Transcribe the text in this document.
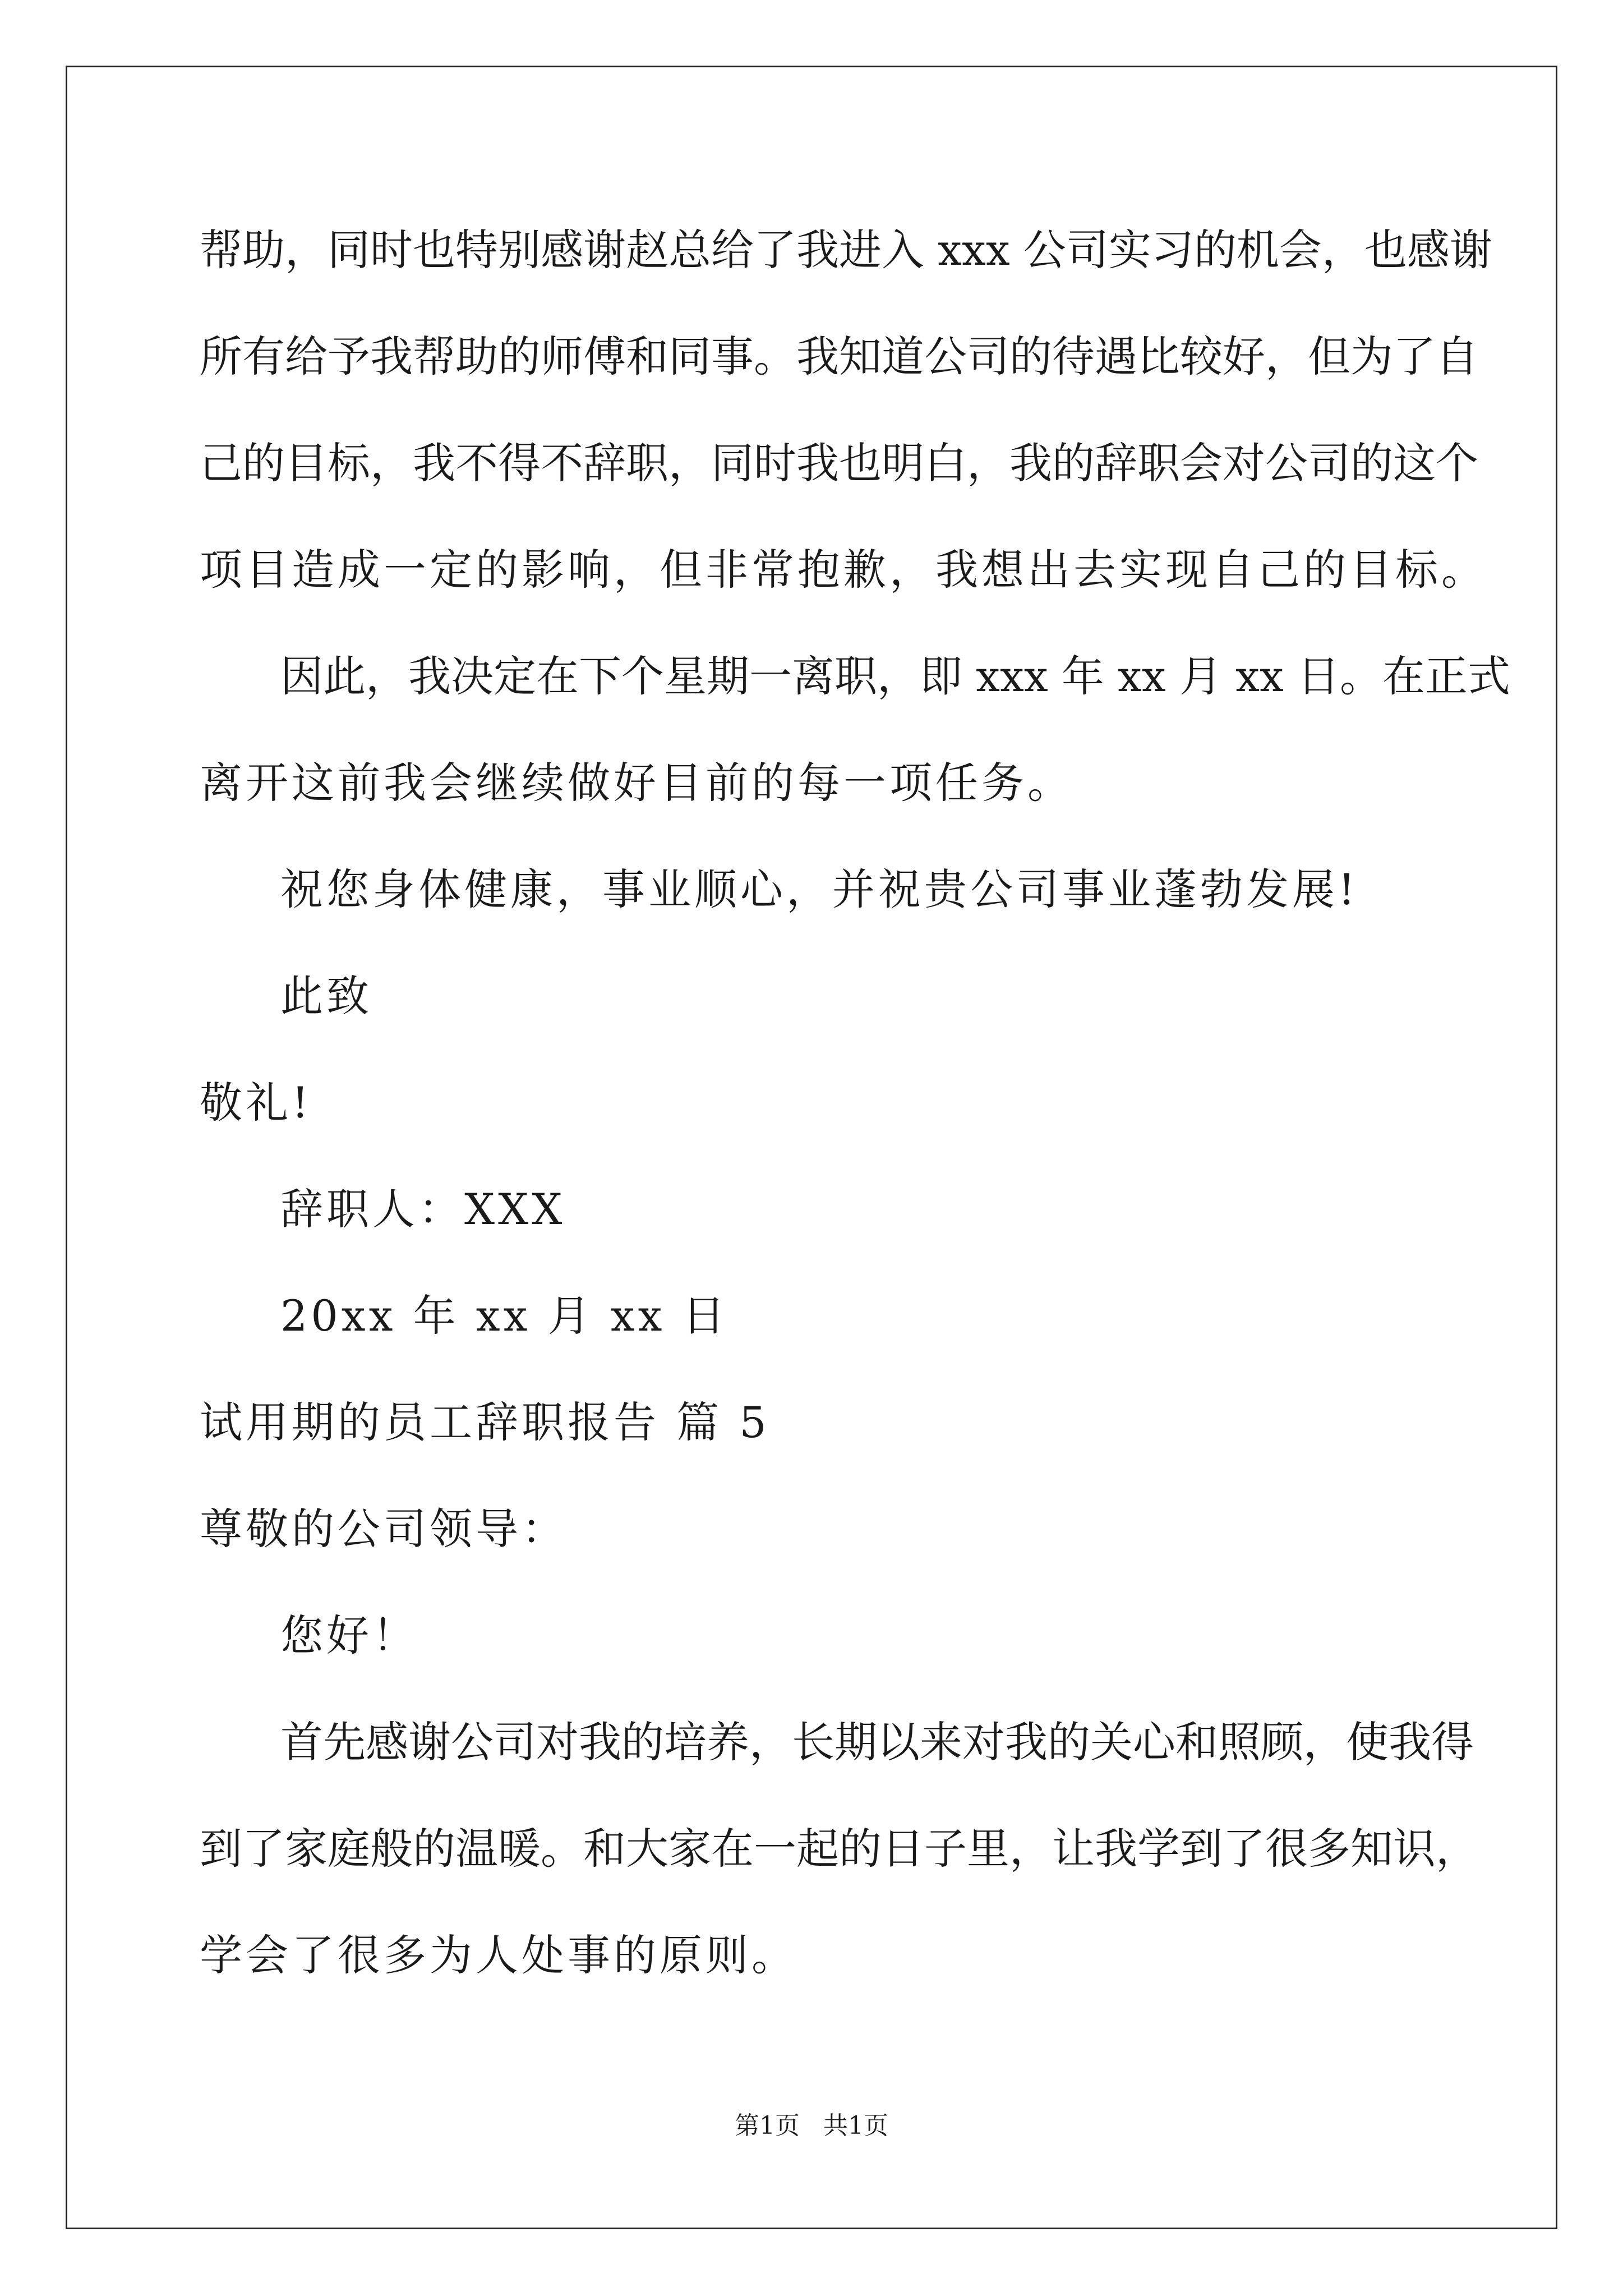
帮助，同时也特别感谢赵总给了我进入 xxx 公司实习的机会，也感谢
所有给予我帮助的师傅和同事。我知道公司的待遇比较好，但为了自
己的目标，我不得不辞职，同时我也明白，我的辞职会对公司的这个
项目造成一定的影响，但非常抱歉，我想出去实现自己的目标。
因此，我决定在下个星期一离职，即 xxx 年 xx 月 xx 日。在正式
离开这前我会继续做好目前的每一项任务。
祝您身体健康，事业顺心，并祝贵公司事业蓬勃发展!
此致
敬礼!
辞职人：XXX
20xx 年 xx 月 xx 日
试用期的员工辞职报告 篇 5
尊敬的公司领导：
您好！
首先感谢公司对我的培养，长期以来对我的关心和照顾，使我得
到了家庭般的温暖。和大家在一起的日子里，让我学到了很多知识，
学会了很多为人处事的原则。
第1页   共1页
